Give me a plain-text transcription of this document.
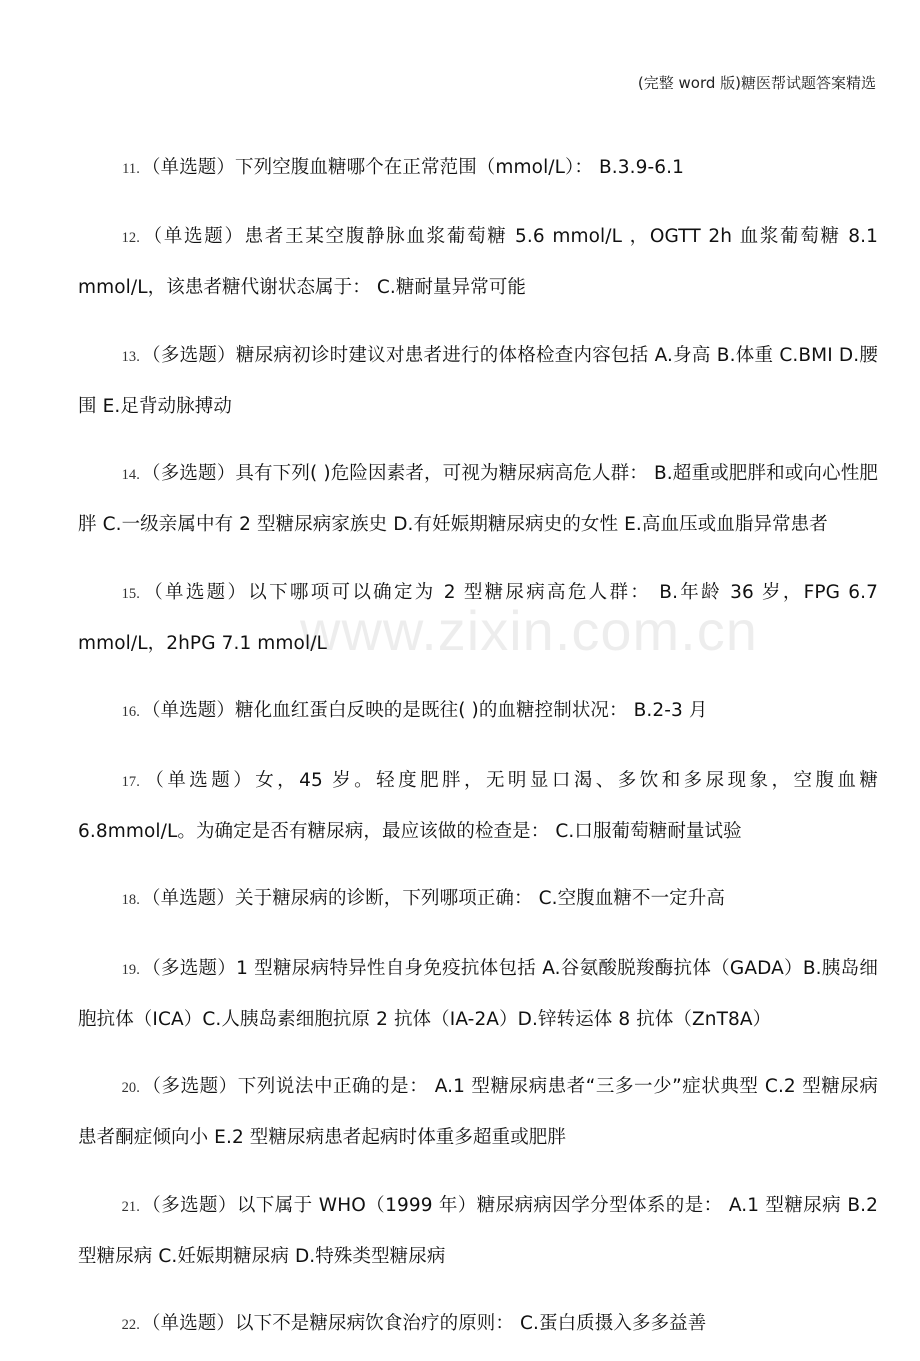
(完整 word 版)糖医帮试题答案精选
www.zixin.com.cn

11. （单选题）下列空腹血糖哪个在正常范围（mmol/L）： B.3.9-6.1

12. （单选题）患者王某空腹静脉血浆葡萄糖 5.6 mmol/L ，OGTT 2h 血浆葡萄糖 8.1 mmol/L，该患者糖代谢状态属于： C.糖耐量异常可能

13. （多选题）糖尿病初诊时建议对患者进行的体格检查内容包括 A.身高 B.体重 C.BMI D.腰围 E.足背动脉搏动

14. （多选题）具有下列( )危险因素者，可视为糖尿病高危人群： B.超重或肥胖和或向心性肥胖 C.一级亲属中有 2 型糖尿病家族史 D.有妊娠期糖尿病史的女性 E.高血压或血脂异常患者

15. （单选题）以下哪项可以确定为 2 型糖尿病高危人群： B.年龄 36 岁，FPG 6.7 mmol/L，2hPG 7.1 mmol/L

16. （单选题）糖化血红蛋白反映的是既往( )的血糖控制状况： B.2-3 月

17. （单选题）女，45 岁。轻度肥胖，无明显口渴、多饮和多尿现象，空腹血糖 6.8mmol/L。为确定是否有糖尿病，最应该做的检查是： C.口服葡萄糖耐量试验

18. （单选题）关于糖尿病的诊断，下列哪项正确： C.空腹血糖不一定升高

19. （多选题）1 型糖尿病特异性自身免疫抗体包括 A.谷氨酸脱羧酶抗体（GADA）B.胰岛细胞抗体（ICA）C.人胰岛素细胞抗原 2 抗体（IA-2A）D.锌转运体 8 抗体（ZnT8A）

20. （多选题）下列说法中正确的是： A.1 型糖尿病患者“三多一少”症状典型 C.2 型糖尿病患者酮症倾向小 E.2 型糖尿病患者起病时体重多超重或肥胖

21. （多选题）以下属于 WHO（1999 年）糖尿病病因学分型体系的是： A.1 型糖尿病 B.2 型糖尿病 C.妊娠期糖尿病 D.特殊类型糖尿病

22. （单选题）以下不是糖尿病饮食治疗的原则： C.蛋白质摄入多多益善
